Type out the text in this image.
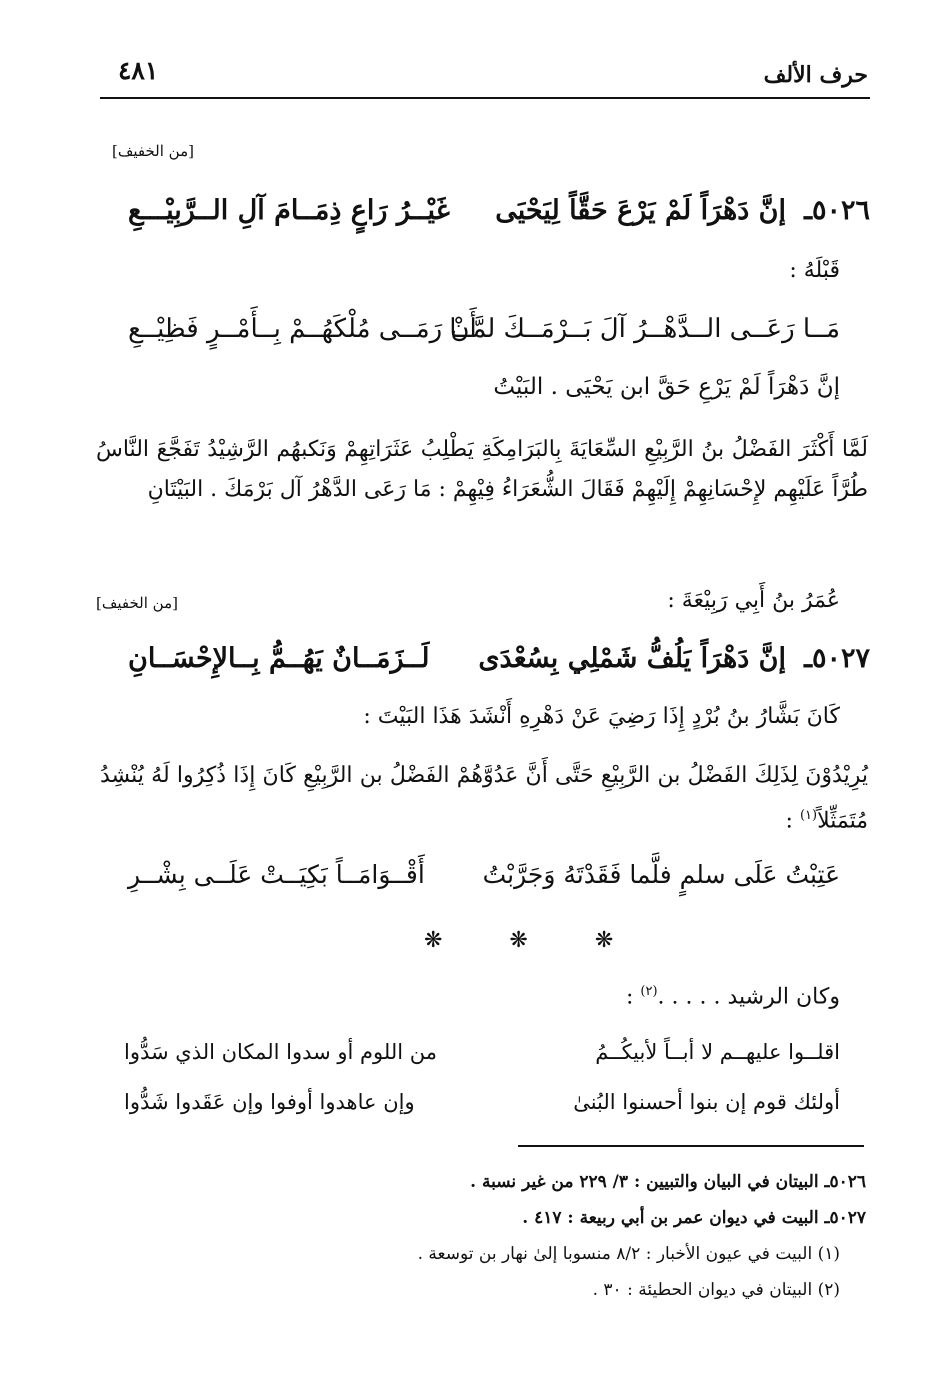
حرف الألف
٤٨١
[من الخفيف]
٥٠٢٦ـ
إنَّ دَهْرَاً لَمْ يَرْعَ حَقَّاً لِيَحْيَى
غَيْــرُ رَاعٍ ذِمَــامَ آلِ الــرَّبِيْـــعِ
قَبْلَهُ :
مَــا رَعَــى الــدَّهْــرُ آلَ بَــرْمَــكَ لمَّــا
أَنْ رَمَــى مُلْكَهُــمْ بِــأَمْــرٍ فَظِيْــعِ
إنَّ دَهْرَاً لَمْ يَرْعِ حَقَّ ابن يَحْيَى . البَيْتُ
لَمَّا أَكْثَرَ الفَضْلُ بنُ الرَّبِيْعِ السِّعَايَةَ بِالبَرَامِكَةِ يَطْلِبُ عَثَرَاتِهِمْ وَنَكبهُم الرَّشِيْدُ تَفَجَّعَ النَّاسُ طُرَّاً عَلَيْهِم لإِحْسَانِهِمْ إِلَيْهِمْ فَقَالَ الشُّعَرَاءُ فِيْهِمْ : مَا رَعَى الدَّهْرُ آل بَرْمَكَ . البَيْتَانِ
عُمَرُ بنُ أَبِي رَبِيْعَةَ :
[من الخفيف]
٥٠٢٧ـ
إنَّ دَهْرَاً يَلُفُّ شَمْلِي بِسُعْدَى
لَــزَمَــانٌ يَهُــمُّ بِــالإِحْسَــانِ
كَانَ بَشَّارُ بنُ بُرْدٍ إِذَا رَضِيَ عَنْ دَهْرِهِ أَنْشَدَ هَذَا البَيْتَ :
يُرِيْدُوْنَ لِذَلِكَ الفَضْلُ بن الرَّبِيْعِ حَتَّى أَنَّ عَدُوَّهُمْ الفَضْلُ بن الرَّبِيْعِ كَانَ إِذَا ذُكِرُوا لَهُ يُنْشِدُ مُتَمَثِّلاً$^{(١)}$ :
عَتِبْتُ عَلَى سلمٍ فلَّما فَقَدْتَهُ وَجَرَّبْتُ
أَقْــوَامَــاً بَكِيَــتْ عَلَــى بِشْــرِ
❋ ❋ ❋
وكان الرشيد . . . . .$^{(٢)}$ :
اقلــوا عليهــم لا أبــاً لأبيكُــمُ
من اللوم أو سدوا المكان الذي سَدُّوا
أولئك قوم إن بنوا أحسنوا البُنىٰ
وإن عاهدوا أوفوا وإن عَقَدوا شَدُّوا
٥٠٢٦ـ البيتان في البيان والتبيين : ٣/ ٢٢٩ من غير نسبة .
٥٠٢٧ـ البيت في ديوان عمر بن أبي ربيعة : ٤١٧ .
(١) البيت في عيون الأخبار : ٨/٢ منسوبا إلىٰ نهار بن توسعة .
(٢) البيتان في ديوان الحطيئة : ٣٠ .
